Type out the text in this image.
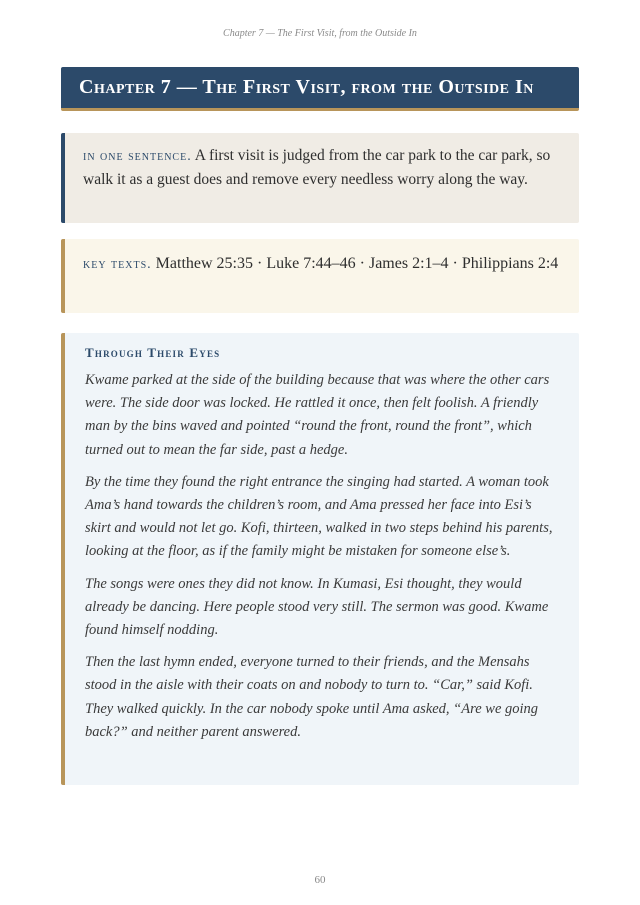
Chapter 7 — The First Visit, from the Outside In
Chapter 7 — The First Visit, from the Outside In

in one sentence. A first visit is judged from the car park to the car park, so walk it as a guest does and remove every needless worry along the way.

key texts. Matthew 25:35 · Luke 7:44–46 · James 2:1–4 · Philippians 2:4

Through Their Eyes

Kwame parked at the side of the building because that was where the other cars were. The side door was locked. He rattled it once, then felt foolish. A friendly man by the bins waved and pointed “round the front, round the front”, which turned out to mean the far side, past a hedge.

By the time they found the right entrance the singing had started. A woman took Ama’s hand towards the children’s room, and Ama pressed her face into Esi’s skirt and would not let go. Kofi, thirteen, walked in two steps behind his parents, looking at the floor, as if the family might be mistaken for someone else’s.

The songs were ones they did not know. In Kumasi, Esi thought, they would already be dancing. Here people stood very still. The sermon was good. Kwame found himself nodding.

Then the last hymn ended, everyone turned to their friends, and the Mensahs stood in the aisle with their coats on and nobody to turn to. “Car,” said Kofi. They walked quickly. In the car nobody spoke until Ama asked, “Are we going back?” and neither parent answered.

60
